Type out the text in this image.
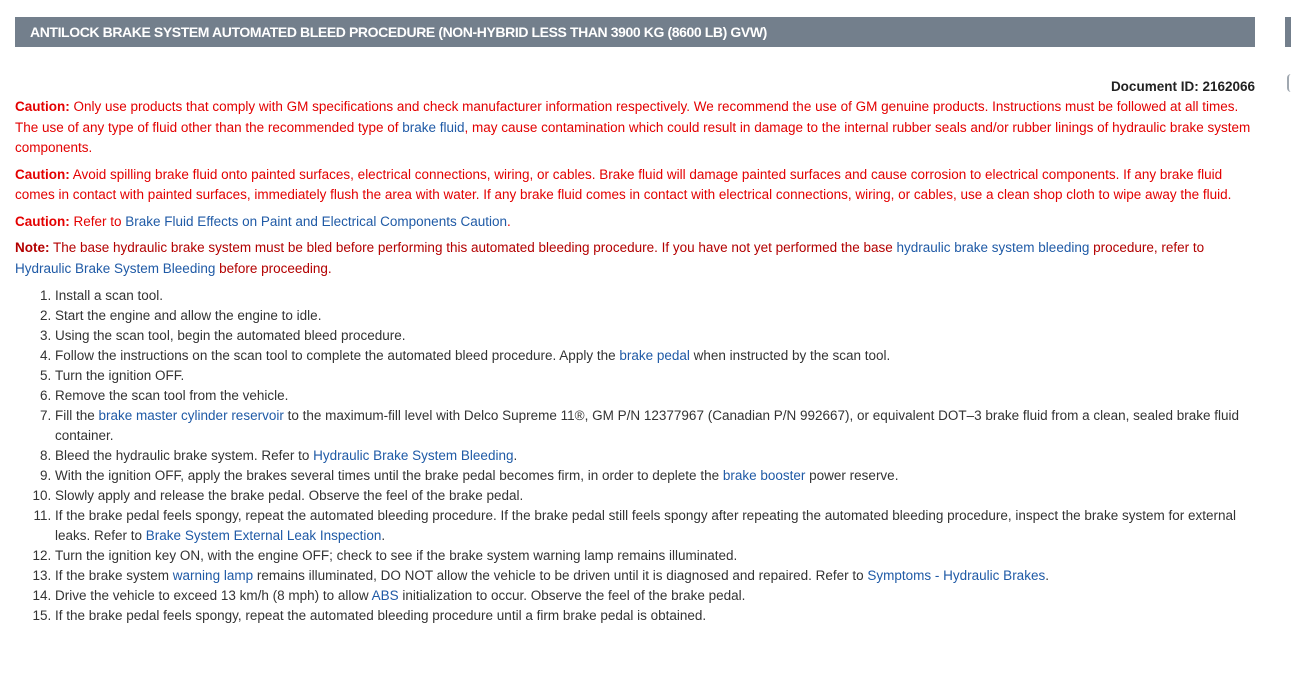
ANTILOCK BRAKE SYSTEM AUTOMATED BLEED PROCEDURE (NON-HYBRID LESS THAN 3900 KG (8600 LB) GVW)
Document ID: 2162066

Caution: Only use products that comply with GM specifications and check manufacturer information respectively. We recommend the use of GM genuine products. Instructions must be followed at all times. The use of any type of fluid other than the recommended type of brake fluid, may cause contamination which could result in damage to the internal rubber seals and/or rubber linings of hydraulic brake system components.

Caution: Avoid spilling brake fluid onto painted surfaces, electrical connections, wiring, or cables. Brake fluid will damage painted surfaces and cause corrosion to electrical components. If any brake fluid comes in contact with painted surfaces, immediately flush the area with water. If any brake fluid comes in contact with electrical connections, wiring, or cables, use a clean shop cloth to wipe away the fluid.

Caution: Refer to Brake Fluid Effects on Paint and Electrical Components Caution.

Note: The base hydraulic brake system must be bled before performing this automated bleeding procedure. If you have not yet performed the base hydraulic brake system bleeding procedure, refer to Hydraulic Brake System Bleeding before proceeding.

1. Install a scan tool.
2. Start the engine and allow the engine to idle.
3. Using the scan tool, begin the automated bleed procedure.
4. Follow the instructions on the scan tool to complete the automated bleed procedure. Apply the brake pedal when instructed by the scan tool.
5. Turn the ignition OFF.
6. Remove the scan tool from the vehicle.
7. Fill the brake master cylinder reservoir to the maximum-fill level with Delco Supreme 11®, GM P/N 12377967 (Canadian P/N 992667), or equivalent DOT‒3 brake fluid from a clean, sealed brake fluid container.
8. Bleed the hydraulic brake system. Refer to Hydraulic Brake System Bleeding.
9. With the ignition OFF, apply the brakes several times until the brake pedal becomes firm, in order to deplete the brake booster power reserve.
10. Slowly apply and release the brake pedal. Observe the feel of the brake pedal.
11. If the brake pedal feels spongy, repeat the automated bleeding procedure. If the brake pedal still feels spongy after repeating the automated bleeding procedure, inspect the brake system for external leaks. Refer to Brake System External Leak Inspection.
12. Turn the ignition key ON, with the engine OFF; check to see if the brake system warning lamp remains illuminated.
13. If the brake system warning lamp remains illuminated, DO NOT allow the vehicle to be driven until it is diagnosed and repaired. Refer to Symptoms - Hydraulic Brakes.
14. Drive the vehicle to exceed 13 km/h (8 mph) to allow ABS initialization to occur. Observe the feel of the brake pedal.
15. If the brake pedal feels spongy, repeat the automated bleeding procedure until a firm brake pedal is obtained.
